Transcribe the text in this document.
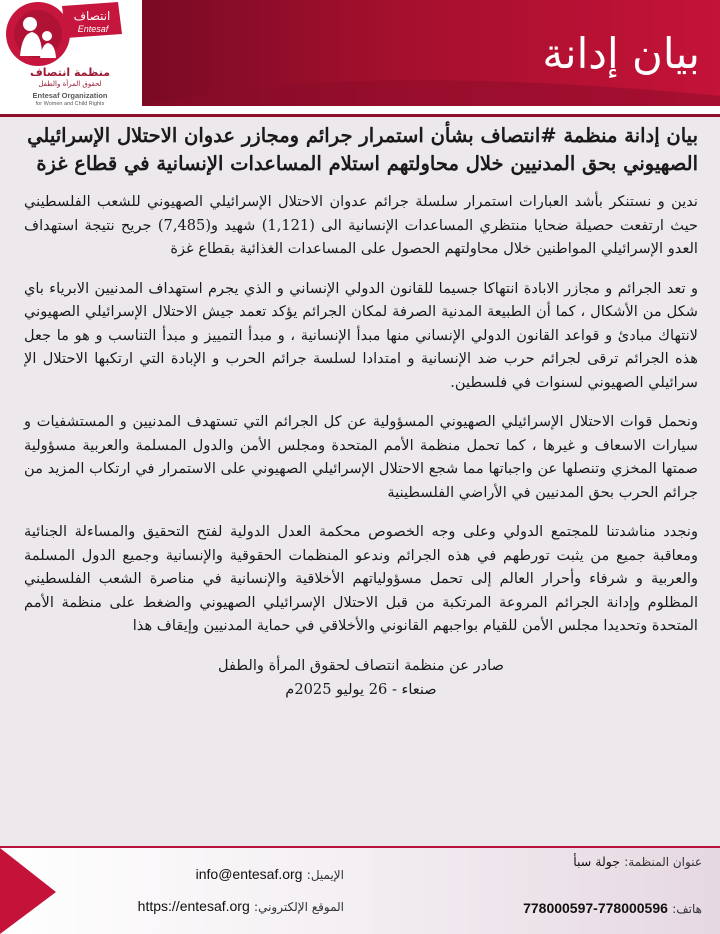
انتصاف
Entesaf
منظمة انتصاف
لحقوق المرأة والطفل
Entesaf Organization
for Women and Child Rights
بيان إدانة
بيان إدانة منظمة #انتصاف بشأن استمرار جرائم ومجازر عدوان الاحتلال الإسرائيلي الصهيوني بحق المدنيين خلال محاولتهم استلام المساعدات الإنسانية في قطاع غزة

ندين و نستنكر بأشد العبارات استمرار سلسلة جرائم عدوان الاحتلال الإسرائيلي الصهيوني للشعب الفلسطيني حيث ارتفعت حصيلة ضحايا منتظري المساعدات الإنسانية الى (1,121) شهيد و(7,485) جريح نتيجة استهداف العدو الإسرائيلي المواطنين خلال محاولتهم الحصول على المساعدات الغذائية بقطاع غزة

و تعد الجرائم و مجازر الابادة انتهاكا جسيما للقانون الدولي الإنساني و الذي يجرم استهداف المدنيين الابرياء باي شكل من الأشكال ، كما أن الطبيعة المدنية الصرفة لمكان الجرائم يؤكد تعمد جيش الاحتلال الإسرائيلي الصهيوني لانتهاك مبادئ و قواعد القانون الدولي الإنساني منها مبدأ الإنسانية ، و مبدأ التمييز و مبدأ التناسب و هو ما جعل هذه الجرائم ترقى لجرائم حرب ضد الإنسانية و امتدادا لسلسة جرائم الحرب و الإبادة التي ارتكبها الاحتلال الإ سرائيلي الصهيوني لسنوات في فلسطين.

ونحمل قوات الاحتلال الإسرائيلي الصهيوني المسؤولية عن كل الجرائم التي تستهدف المدنيين و المستشفيات و سيارات الاسعاف و غيرها ، كما تحمل منظمة الأمم المتحدة ومجلس الأمن والدول المسلمة والعربية مسؤولية صمتها المخزي وتنصلها عن واجباتها مما شجع الاحتلال الإسرائيلي الصهيوني على الاستمرار في ارتكاب المزيد من جرائم الحرب بحق المدنيين في الأراضي الفلسطينية

ونجدد مناشدتنا للمجتمع الدولي وعلى وجه الخصوص محكمة العدل الدولية لفتح التحقيق والمساءلة الجنائية ومعاقبة جميع من يثبت تورطهم في هذه الجرائم وندعو المنظمات الحقوقية والإنسانية وجميع الدول المسلمة والعربية و شرفاء وأحرار العالم إلى تحمل مسؤولياتهم الأخلاقية والإنسانية في مناصرة الشعب الفلسطيني المظلوم وإدانة الجرائم المروعة المرتكبة من قبل الاحتلال الإسرائيلي الصهيوني والضغط على منظمة الأمم المتحدة وتحديدا مجلس الأمن للقيام بواجبهم القانوني والأخلاقي في حماية المدنيين وإيقاف هذا

صادر عن منظمة انتصاف لحقوق المرأة والطفل
صنعاء - 26 يوليو 2025م
عنوان المنظمة: جولة سبأ
هاتف: 778000597-778000596
الإيميل: info@entesaf.org
الموقع الإلكتروني: https://entesaf.org
